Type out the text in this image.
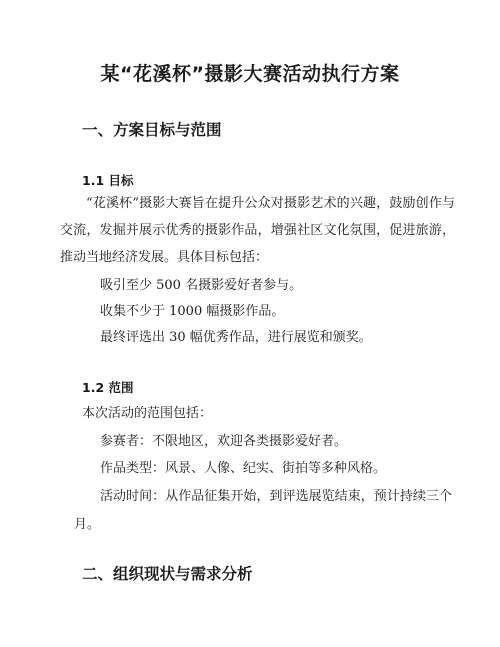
某“花溪杯”摄影大赛活动执行方案
一、方案目标与范围
1.1 目标
“花溪杯”摄影大赛旨在提升公众对摄影艺术的兴趣，鼓励创作与交流，发掘并展示优秀的摄影作品，增强社区文化氛围，促进旅游，推动当地经济发展。具体目标包括：
吸引至少 500 名摄影爱好者参与。
收集不少于 1000 幅摄影作品。
最终评选出 30 幅优秀作品，进行展览和颁奖。
1.2 范围
本次活动的范围包括：
参赛者：不限地区，欢迎各类摄影爱好者。
作品类型：风景、人像、纪实、街拍等多种风格。
活动时间：从作品征集开始，到评选展览结束，预计持续三个月。
二、组织现状与需求分析
